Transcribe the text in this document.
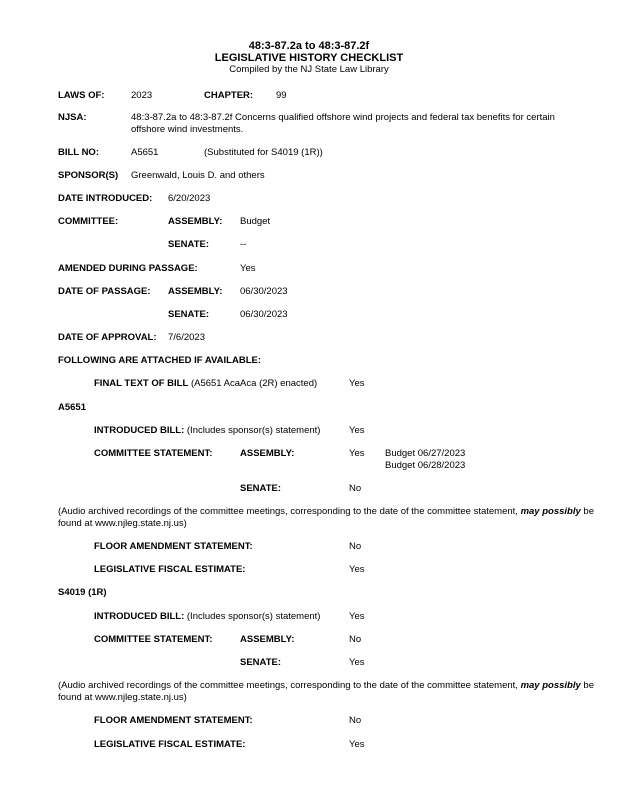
48:3-87.2a to 48:3-87.2f
LEGISLATIVE HISTORY CHECKLIST
Compiled by the NJ State Law Library
LAWS OF:	2023	CHAPTER: 99
NJSA:	48:3-87.2a to 48:3-87.2f Concerns qualified offshore wind projects and federal tax benefits for certain offshore wind investments.
BILL NO:	A5651	(Substituted for S4019 (1R))
SPONSOR(S) Greenwald, Louis D. and others
DATE INTRODUCED: 6/20/2023
COMMITTEE:	ASSEMBLY: Budget
SENATE:	--
AMENDED DURING PASSAGE:	Yes
DATE OF PASSAGE: ASSEMBLY: 06/30/2023
SENATE:	06/30/2023
DATE OF APPROVAL: 7/6/2023
FOLLOWING ARE ATTACHED IF AVAILABLE:
FINAL TEXT OF BILL (A5651 AcaAca (2R) enacted)	Yes
A5651
INTRODUCED BILL: (Includes sponsor(s) statement)	Yes
COMMITTEE STATEMENT:	ASSEMBLY:	Yes Budget 06/27/2023
Budget 06/28/2023
SENATE:	No
(Audio archived recordings of the committee meetings, corresponding to the date of the committee statement, may possibly be found at www.njleg.state.nj.us)
FLOOR AMENDMENT STATEMENT:	No
LEGISLATIVE FISCAL ESTIMATE:	Yes
S4019 (1R)
INTRODUCED BILL: (Includes sponsor(s) statement)	Yes
COMMITTEE STATEMENT:	ASSEMBLY:	No
SENATE:	Yes
(Audio archived recordings of the committee meetings, corresponding to the date of the committee statement, may possibly be found at www.njleg.state.nj.us)
FLOOR AMENDMENT STATEMENT:	No
LEGISLATIVE FISCAL ESTIMATE:	Yes
